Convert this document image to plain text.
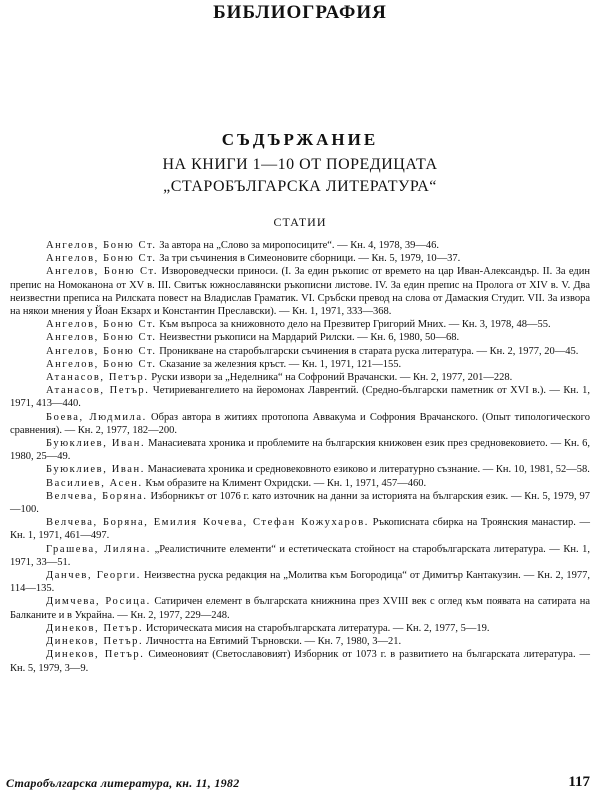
БИБЛИОГРАФИЯ
СЪДЪРЖАНИЕ
НА КНИГИ 1—10 ОТ ПОРЕДИЦАТА
„СТАРОБЪЛГАРСКА ЛИТЕРАТУРА“
СТАТИИ

Ангелов, Боню Ст. За автора на „Слово за миропосиците“. — Кн. 4, 1978, 39—46.

Ангелов, Боню Ст. За три съчинения в Симеоновите сборници. — Кн. 5, 1979, 10—37.

Ангелов, Боню Ст. Изворoведчески приноси. (I. За един ръкопис от времето на цар Иван-Александър. II. За един препис на Номоканона от XV в. III. Свитък южнославянски ръкописни листове. IV. За един препис на Пролога от XIV в. V. Два неизвестни преписа на Рилската повест на Владислав Граматик. VI. Сръбски превод на слова от Дамаския Студит. VII. За извора на някои мнения у Йоан Екзарх и Константин Преславски). — Кн. 1, 1971, 333—368.

Ангелов, Боню Ст. Към въпроса за книжовното дело на Презвитер Григорий Мних. — Кн. 3, 1978, 48—55.

Ангелов, Боню Ст. Неизвестни ръкописи на Мардарий Рилски. — Кн. 6, 1980, 50—68.

Ангелов, Боню Ст. Проникване на старобългарски съчинения в старата руска литература. — Кн. 2, 1977, 20—45.

Ангелов, Боню Ст. Сказание за железния кръст. — Кн. 1, 1971, 121—155.

Атанасов, Петър. Руски извори за „Неделника“ на Софроний Врачански. — Кн. 2, 1977, 201—228.

Атанасов, Петър. Четириевангелието на йеромонах Лаврентий. (Средно-български паметник от XVI в.). — Кн. 1, 1971, 413—440.

Боева, Людмила. Образ автора в житиях протопопа Аввакума и Софрония Врачанского. (Опыт типологического сравнения). — Кн. 2, 1977, 182—200.

Буюклиев, Иван. Манасиевата хроника и проблемите на българския книжовен език през средновековието. — Кн. 6, 1980, 25—49.

Буюклиев, Иван. Манасиевата хроника и средновековното езиково и литературно съзнание. — Кн. 10, 1981, 52—58.

Василиев, Асен. Към образите на Климент Охридски. — Кн. 1, 1971, 457—460.

Велчева, Боряна. Изборникът от 1076 г. като източник на данни за историята на българския език. — Кн. 5, 1979, 97—100.

Велчева, Боряна, Емилия Кочева, Стефан Кожухаров. Ръкописната сбирка на Троянския манастир. — Кн. 1, 1971, 461—497.

Грашева, Лиляна. „Реалистичните елементи“ и естетическата стойност на старобългарската литература. — Кн. 1, 1971, 33—51.

Данчев, Георги. Неизвестна руска редакция на „Молитва към Богородица“ от Димитър Кантакузин. — Кн. 2, 1977, 114—135.

Димчева, Росица. Сатиричен елемент в българската книжнина през XVIII век с оглед към появата на сатирата на Балканите и в Украйна. — Кн. 2, 1977, 229—248.

Динеков, Петър. Историческата мисия на старобългарската литература. — Кн. 2, 1977, 5—19.

Динеков, Петър. Личността на Евтимий Търновски. — Кн. 7, 1980, 3—21.

Динеков, Петър. Симеоновият (Светославовият) Изборник от 1073 г. в развитието на българската литература. — Кн. 5, 1979, 3—9.

Старобългарска литература, кн. 11, 1982	117
